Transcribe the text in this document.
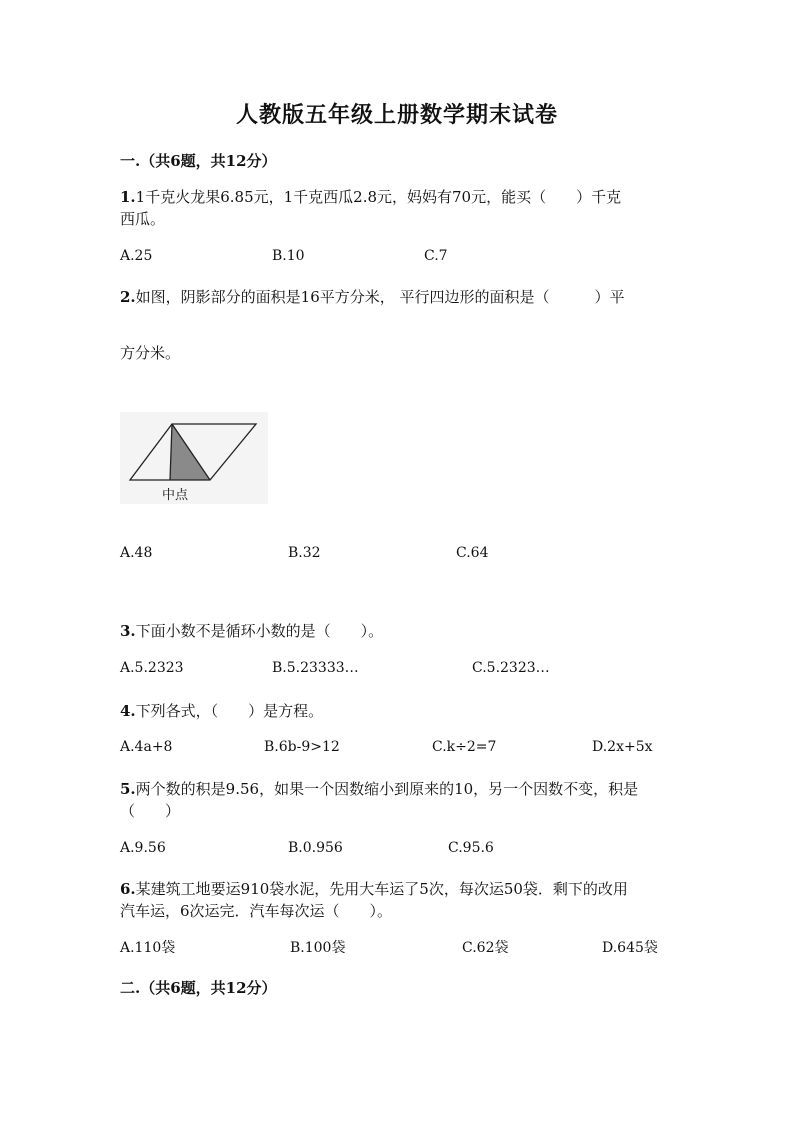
人教版五年级上册数学期末试卷
一.（共6题，共12分）
1.1千克火龙果6.85元，1千克西瓜2.8元，妈妈有70元，能买（　　）千克
西瓜。
A.25	B.10	C.7
2.如图，阴影部分的面积是16平方分米， 平行四边形的面积是（　　　）平
方分米。
中点
A.48	B.32	C.64
3.下面小数不是循环小数的是（　　）。
A.5.2323	B.5.23333…	C.5.2323…
4.下列各式，（　　）是方程。
A.4a+8	B.6b-9>12	C.k÷2=7	D.2x+5x
5.两个数的积是9.56，如果一个因数缩小到原来的10，另一个因数不变，积是
（　　）
A.9.56	B.0.956	C.95.6
6.某建筑工地要运910袋水泥，先用大车运了5次，每次运50袋．剩下的改用
汽车运，6次运完．汽车每次运（　　）。
A.110袋	B.100袋	C.62袋	D.645袋
二.（共6题，共12分）
